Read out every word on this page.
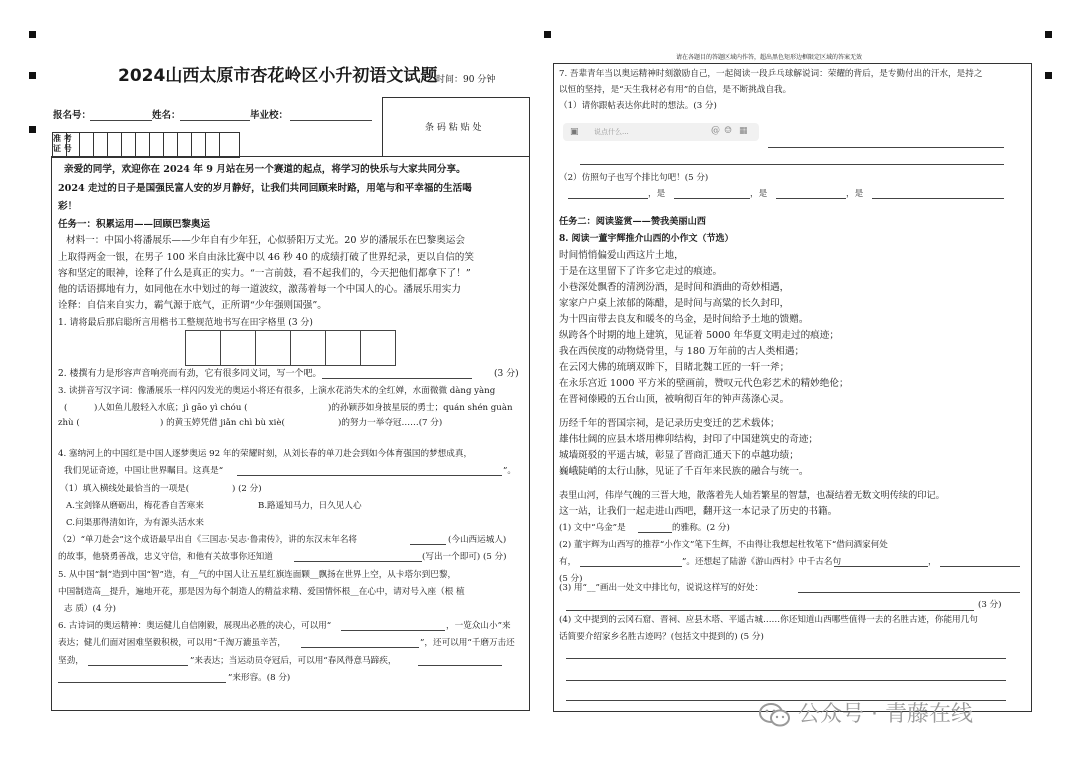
2024山西太原市杏花岭区小升初语文试题
时间：90 分钟
报名号：	姓名：	毕业校：
条 码 粘 贴 处
准 考
证 号
亲爱的同学，欢迎你在 2024 年 9 月站在另一个赛道的起点，将学习的快乐与大家共同分享。
2024 走过的日子是国强民富人安的岁月静好，让我们共同回顾来时路，用笔与和平幸福的生活喝
彩！
任务一：积累运用——回顾巴黎奥运
材料一：中国小将潘展乐——少年自有少年狂，心似骄阳万丈光。20 岁的潘展乐在巴黎奥运会
上取得两金一银，在男子 100 米自由泳比赛中以 46 秒 40 的成绩打破了世界纪录，更以自信的笑
容和坚定的眼神，诠释了什么是真正的实力。“一言前鼓，看不起我们的，今天把他们都拿下了！”
他的话语掷地有力，如同他在水中划过的每一道波纹，激荡着每一个中国人的心。潘展乐用实力
诠释：自信来自实力，霸气源于底气，正所谓“少年强则国强”。
1. 请将最后那启聪所言用楷书工整规范地书写在田字格里 (3 分)
2. 楼撰有力是形容声音响亮而有劲，它有很多同义词，写一个吧。	(3 分)
3. 读拼音写汉字词：像潘展乐一样闪闪发光的奥运小将还有很多，上演水花消失术的全红婵，水面微微 dàng yàng
(	)人如鱼儿般轻入水底；jì gāo yì chóu (	)的孙颖莎如身披星辰的勇士；quán shén guàn
zhù (	) 的黄玉婷凭借 jiǎn chì bù xiè(	)的努力一举夺冠……(7 分)
4. 塞纳河上的中国红是中国人逐梦奥运 92 年的荣耀时刻，从刘长春的单刀赴会到如今体育强国的梦想成真，
我们见证奇迹，中国让世界瞩目。这真是“	”。
（1）填入横线处最恰当的一项是(	) (2 分)
A.宝剑锋从磨砺出，梅花香自苦寒来	B.路遥知马力，日久见人心
C.问渠那得清如许，为有源头活水来
（2）“单刀赴会”这个成语最早出自《三国志·吴志·鲁肃传》，讲的东汉末年名将	(今山西运城人)
的故事，他骁勇善战，忠义守信，和他有关故事你还知道	(写出一个即可) (5 分)
5. 从中国“制”造到中国“智”造，有__气的中国人让五星红旗连面颗__飘扬在世界上空，从卡塔尔到巴黎，
中国制造高__提升，遍地开花，那是因为每个制造人的精益求精、爱国情怀根__在心中，请对号入座（根 植
志 质）(4 分)
6. 古诗词的奥运精神：奥运健儿自信刚毅，展现出必胜的决心，可以用“	，一览众山小”来
表达；健儿们面对困难坚毅积极，可以用“千淘万漉虽辛苦，	”，还可以用“千磨万击还
坚劲，	”来表达；当运动员夺冠后，可以用“春风得意马蹄疾，
”来形容。(8 分)
请在各题目的答题区域内作答，超出黑色矩形边框限定区域的答案无效
7. 吾辈青年当以奥运精神时刻激励自己，一起阅读一段乒乓球解说词：荣耀的背后，是专勤付出的汗水，是持之
以恒的坚持，是“天生我材必有用”的自信，是不断挑战自我。
（1）请你跟帖表达你此时的想法。(3 分)
▣ 说点什么...	@ ☺ ▦
（2）仿照句子也写个排比句吧！(5 分)
，是	，是	，是
任务二：阅读鉴赏——赞我美丽山西
8. 阅读一董宇辉推介山西的小作文（节选）
时间悄悄偏爱山西这片土地，
于是在这里留下了许多它走过的痕迹。
小巷深处飘香的清洌汾酒，是时间和酒曲的奇妙相遇，
家家户户桌上浓郁的陈醋，是时间与高粱的长久封印，
为十四亩带去良友和暖冬的乌金，是时间给予土地的馈赠。
纵跨各个时期的地上建筑，见证着 5000 年华夏文明走过的痕迹；
我在西侯度的动物烧骨里，与 180 万年前的古人类相遇；
在云冈大佛的琉璃双眸下，目睹北魏工匠的一轩一斧；
在永乐宫近 1000 平方米的壁画前，赞叹元代色彩艺术的精妙绝伦；
在晋祠傣殿的五台山顶，被响彻百年的钟声荡涤心灵。
历经千年的晋国宗祠，是记录历史变迁的艺术载体；
雄伟壮阔的应县木塔用榫卯结构，封印了中国建筑史的奇迹；
城墙斑驳的平遥古城，彰显了晋商汇通天下的卓越功绩；
巍峨陡峭的太行山脉，见证了千百年来民族的融合与统一。
表里山河，伟岸气魄的三晋大地，散落着先人灿若繁星的智慧，也凝结着无数文明传续的印记。
这一站，让我们一起走进山西吧，翻开这一本记录了历史的书籍。
(1) 文中“乌金”是	的雅称。(2 分)
(2) 董宇辉为山西写的推荐“小作文”笔下生辉，不由得让我想起杜牧笔下“借问酒家何处
有，	”。还想起了陆游《游山西村》中千古名句	，
(5 分)
(3) 用“__”画出一处文中排比句，说说这样写的好处：
(3 分)
(4) 文中提到的云冈石窟、晋祠、应县木塔、平遥古城……你还知道山西哪些值得一去的名胜古迹，你能用几句
话简要介绍家乡名胜古迹吗？(包括文中提到的) (5 分)
公众号 · 青藤在线
